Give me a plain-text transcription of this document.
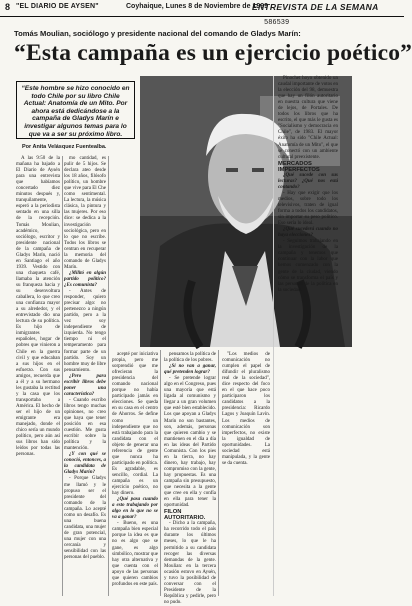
8 "EL DIARIO DE AYSEN"	Coyhaique, Lunes 8 de Noviembre de 1999
ENTREVISTA DE LA SEMANA
586539
Tomás Moulian, sociólogo y presidente nacional del comando de Gladys Marín:
“Esta campaña es un ejercicio poético”
“Este hombre se hizo conocido en todo Chile por su libro Chile Actual: Anatomía de un Mito. Por ahora está dedicándose a la campaña de Gladys Marín e investigar algunos temas para lo que va a ser su próximo libro.
Por Anita Velásquez Fuentealba.

A las 9:50 de la mañana ha bajado a El Diario de Aysén para una entrevista que habíamos concertado diez minutos después y, tranquilamente, esperó a la periodista sentado en una silla de la recepción. Tomás Moulian, académico, sociólogo, escritor y presidente nacional de la campaña de Gladys Marín, nació en Santiago el año 1939. Vestido con una chaqueta café, llamaba la atención su franqueza hacia y su desenvoltura caballera, lo que creo una confianza mayor a su alrededor, y el entrevistado dio una lectura de su política. Es hijo de inmigrantes españoles, hogar de pobres que vinieron a Chile en la guerra civil y que educaban a sus hijos en el esfuerzo. Con sus amigos, recuerda que a él y a su hermano les gustaba la rectitud y la casa que los transportaba a América. El hecho de ser el hijo de un emigrante era manejado, donde el chico sería un mundo político, pero aún así sus libros han sido leídos por todas las personas.

mo cantidad, es pulir de 5 hijos. Se declara ateo desde los 18 años, filósofo político, un hombre que vive para El Che como sentimental. La lectura, la música clásica, la pintura y las mujeres. Por eso dice: se dedica a la investigación sociológica, pero en lo que no escribe. Todos los libros se centran en recuperar la memoria del comando de Gladys Marín.

¿Militó en algún partido político? ¿Es comunista?

- Antes de responder, quiero precisar algo: no pertenezco a ningún partido, pero a la vez soy independiente de izquierda. No tengo tiempo ni el temperamento para formar parte de un partido. Soy un hombre muy de libre pensamiento.

¿Pero para escribir libros debe poner una característica?

- Cuando escribo libros tengo muchas opiniones, no creo que haya que tener posición en esa cuestión. Me gusta escribir sobre la política y la mantención.

¿Y con qué se conoció, entonces, a la candidata de Gladys Marín?

- Porque Gladys me llamó y le propuso ser el presidente del comando de la campaña. Lo acepté como un desafío. Es una buena candidata, una mujer de gran potencial, una mujer con una cercanía y sensibilidad con las personas del pueblo.

acepté por iniciativa propia, pero me sorprendió que me ofrecieran la presidencia del comando nacional porque no había participado jamás en elecciones. Se queda en su casa en el centro de Ahorros. Se define como un independiente que no está trabajando para la candidata con el objeto de generar una referencia de gente que nunca ha participado en política. Es agradable, es sencillo, cordial. La campaña es un ejercicio poético, no hay dinero.

¿Qué pasa cuando a esto trabajando por algo en lo que no se va a ganar?

- Bueno, es una campaña bien especial porque la idea es que no es algo que se gane, es algo simbólico, mostrar que hay otra alternativa y que cuenta con el apoyo de las personas que quieren cambios profundos en este país.

pensamos la política de la política de los pobres.

¿Si no van a ganar, qué pretenden lograr?

- Se pretende lograr algo en el Congreso, pues una mayoría que está ligada al comunismo y llegar a un gran volumen que esté bien establecido. Los que apoyan a Gladys Marín no son bastantes, son, además, personas que quieren cambio y se mantienen en el día a día en las ideas del Partido Comunista. Con los pies en la tierra, no hay dinero, hay trabajo, hay compromiso con la gente, hay propuestas. Es una campaña sin presupuesto, que necesita a la gente que cree en ella y confía en ella para tener la oportunidad.

FILON AUTORITARIO.

- Dicho a la campaña, ha recorrido todo el país durante los últimos meses, lo que le ha permitido a su candidata recoger las diversas demandas de la gente. Moulian: en la tercera ocasión estuvo en Aysén, y tuvo la posibilidad de conversar con el Presidente de la República y pedirle, pero no pudo.

"Los medios de comunicación no cumplen el papel de difundir el pluralismo real de la sociedad", dice respecto del foco en el que hace poco participaron los candidatos a la presidencia: Ricardo Lagos y Joaquín Lavín. Los medios de comunicación son imperfectos, no existe la igualdad de oportunidades. La sociedad está manipulada, y la gente se da cuenta.

Pinochet hoyo obtenido un caudal importante de votos en la elección del 98, demuestra que hay un filón autoritario en nuestra cultura que viene de lejos, de Portales. De todos los libros que ha escrito, el que más le gusta es "Socialismo y democracia en Chile", de 1983. El mayor éxito ha sido "Chile Actual: Anatomía de un Mito", el que se conectó con un ambiente cultural preexistente.

MERCADOS IMPERFECTOS

¿Qué sucede con sus lecturas? ¿Qué nos está contando?

- Hay que exigir que los medios, sobre todo los televisivos, traten de igual forma a todos los candidatos, sin importar su peso político. Eso sería lo ideal.

¿Qué sucederá cuando no haya elecciones?

- Seguimos trabajando en la investigación de la campaña y tenemos que continuar con la labor que hemos comenzado con la gente de la ciudad, viendo cómo se transforma el país y las personas de la política en la sociedad.
